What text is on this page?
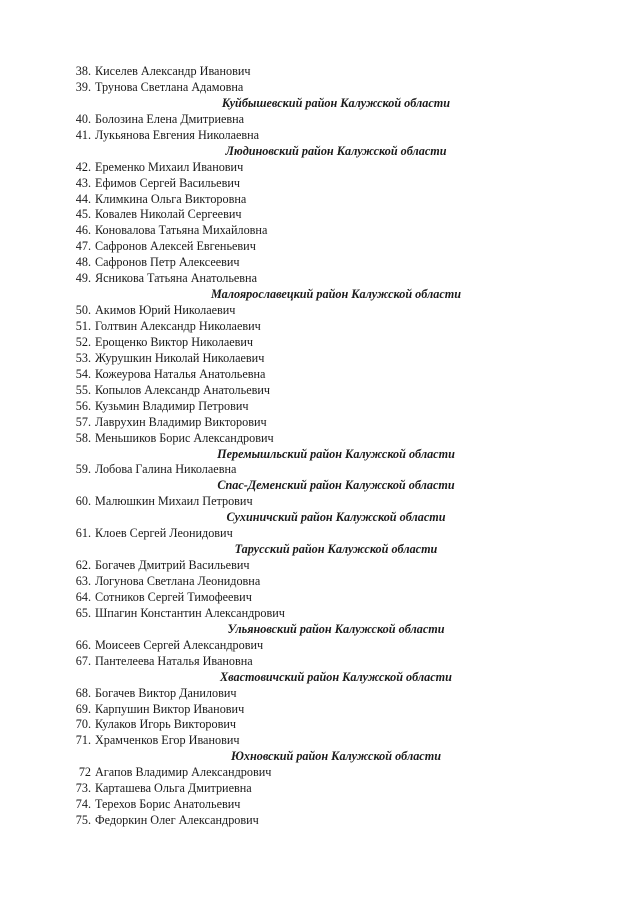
38. Киселев Александр Иванович
39. Трунова Светлана Адамовна
Куйбышевский район Калужской области
40. Болозина Елена Дмитриевна
41. Лукьянова Евгения Николаевна
Людиновский район Калужской области
42. Еременко Михаил Иванович
43. Ефимов Сергей Васильевич
44. Климкина Ольга Викторовна
45. Ковалев Николай Сергеевич
46. Коновалова Татьяна Михайловна
47. Сафронов Алексей Евгеньевич
48. Сафронов Петр Алексеевич
49. Ясникова Татьяна Анатольевна
Малоярославецкий район Калужской области
50. Акимов Юрий Николаевич
51. Голтвин Александр Николаевич
52. Ерощенко Виктор Николаевич
53. Журушкин Николай Николаевич
54. Кожеурова Наталья Анатольевна
55. Копылов Александр Анатольевич
56. Кузьмин Владимир Петрович
57. Лаврухин Владимир Викторович
58. Меньшиков Борис Александрович
Перемышльский район Калужской области
59. Лобова Галина Николаевна
Спас-Деменский район Калужской области
60. Малюшкин Михаил Петрович
Сухиничский район Калужской области
61. Клоев Сергей Леонидович
Тарусский район Калужской области
62. Богачев Дмитрий Васильевич
63. Логунова Светлана Леонидовна
64. Сотников Сергей Тимофеевич
65. Шпагин Константин Александрович
Ульяновский район Калужской области
66. Моисеев Сергей Александрович
67. Пантелеева Наталья Ивановна
Хвастовичский район Калужской области
68. Богачев Виктор Данилович
69. Карпушин Виктор Иванович
70. Кулаков Игорь Викторович
71. Храмченков Егор Иванович
Юхновский район Калужской области
72 Агапов Владимир Александрович
73. Карташева Ольга Дмитриевна
74. Терехов Борис Анатольевич
75. Федоркин Олег Александрович
